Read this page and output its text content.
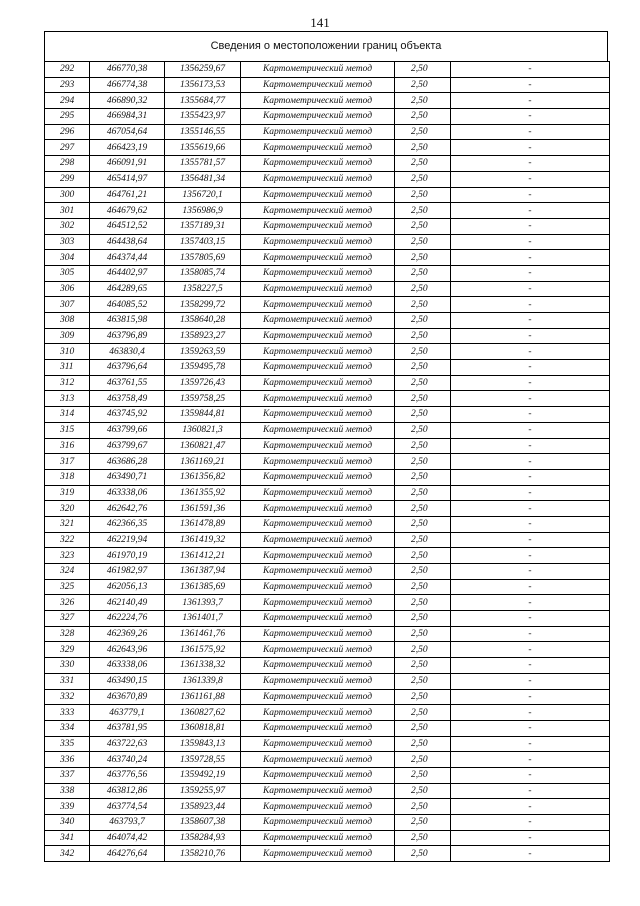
141
Сведения о местоположении границ объекта
292	466770,38	1356259,67	Картометрический метод	2,50	-
293	466774,38	1356173,53	Картометрический метод	2,50	-
294	466890,32	1355684,77	Картометрический метод	2,50	-
295	466984,31	1355423,97	Картометрический метод	2,50	-
296	467054,64	1355146,55	Картометрический метод	2,50	-
297	466423,19	1355619,66	Картометрический метод	2,50	-
298	466091,91	1355781,57	Картометрический метод	2,50	-
299	465414,97	1356481,34	Картометрический метод	2,50	-
300	464761,21	1356720,1	Картометрический метод	2,50	-
301	464679,62	1356986,9	Картометрический метод	2,50	-
302	464512,52	1357189,31	Картометрический метод	2,50	-
303	464438,64	1357403,15	Картометрический метод	2,50	-
304	464374,44	1357805,69	Картометрический метод	2,50	-
305	464402,97	1358085,74	Картометрический метод	2,50	-
306	464289,65	1358227,5	Картометрический метод	2,50	-
307	464085,52	1358299,72	Картометрический метод	2,50	-
308	463815,98	1358640,28	Картометрический метод	2,50	-
309	463796,89	1358923,27	Картометрический метод	2,50	-
310	463830,4	1359263,59	Картометрический метод	2,50	-
311	463796,64	1359495,78	Картометрический метод	2,50	-
312	463761,55	1359726,43	Картометрический метод	2,50	-
313	463758,49	1359758,25	Картометрический метод	2,50	-
314	463745,92	1359844,81	Картометрический метод	2,50	-
315	463799,66	1360821,3	Картометрический метод	2,50	-
316	463799,67	1360821,47	Картометрический метод	2,50	-
317	463686,28	1361169,21	Картометрический метод	2,50	-
318	463490,71	1361356,82	Картометрический метод	2,50	-
319	463338,06	1361355,92	Картометрический метод	2,50	-
320	462642,76	1361591,36	Картометрический метод	2,50	-
321	462366,35	1361478,89	Картометрический метод	2,50	-
322	462219,94	1361419,32	Картометрический метод	2,50	-
323	461970,19	1361412,21	Картометрический метод	2,50	-
324	461982,97	1361387,94	Картометрический метод	2,50	-
325	462056,13	1361385,69	Картометрический метод	2,50	-
326	462140,49	1361393,7	Картометрический метод	2,50	-
327	462224,76	1361401,7	Картометрический метод	2,50	-
328	462369,26	1361461,76	Картометрический метод	2,50	-
329	462643,96	1361575,92	Картометрический метод	2,50	-
330	463338,06	1361338,32	Картометрический метод	2,50	-
331	463490,15	1361339,8	Картометрический метод	2,50	-
332	463670,89	1361161,88	Картометрический метод	2,50	-
333	463779,1	1360827,62	Картометрический метод	2,50	-
334	463781,95	1360818,81	Картометрический метод	2,50	-
335	463722,63	1359843,13	Картометрический метод	2,50	-
336	463740,24	1359728,55	Картометрический метод	2,50	-
337	463776,56	1359492,19	Картометрический метод	2,50	-
338	463812,86	1359255,97	Картометрический метод	2,50	-
339	463774,54	1358923,44	Картометрический метод	2,50	-
340	463793,7	1358607,38	Картометрический метод	2,50	-
341	464074,42	1358284,93	Картометрический метод	2,50	-
342	464276,64	1358210,76	Картометрический метод	2,50	-
